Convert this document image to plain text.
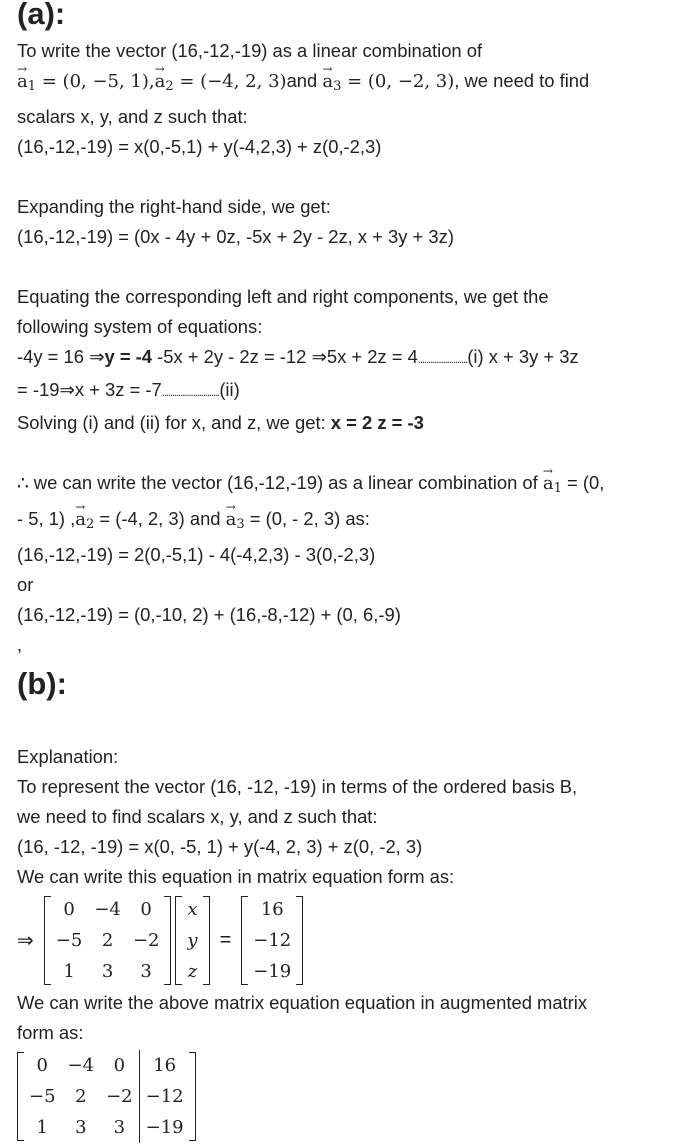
(a):

To write the vector (16,-12,-19) as a linear combination of

→ $a_1 = (0$, −5, $1),\to a_2 = (-4$, 2, $3)and \to a_3 = (0$, −2, 3), we need to find

scalars x, y, and z such that:

(16,-12,-19) = x(0,-5,1) + y(-4,2,3) + z(0,-2,3)

Expanding the right-hand side, we get:

(16,-12,-19) = (0x - 4y + 0z, -5x + 2y - 2z, x + 3y + 3z)

Equating the corresponding left and right components, we get the

following system of equations:

-4y = 16 ⇒y = -4 -5x + 2y - 2z = -12 ⇒5x + 2z = 4........................(i) x + 3y + 3z

= -19⇒x + 3z = -7............................(ii)

Solving (i) and (ii) for x, and z, we get: x = 2 z = -3

∴ we can write the vector (16,-12,-19) as a linear combination of → $a_1 = (0$,

- 5, 1) ,→ $a_2 = (-4$, 2, 3) and → $a_3 = (0$, - 2, 3) as:

(16,-12,-19) = 2(0,-5,1) - 4(-4,2,3) - 3(0,-2,3)

or

(16,-12,-19) = (0,-10, 2) + (16,-8,-12) + (0, 6,-9)

,

(b):

Explanation:

To represent the vector (16, -12, -19) in terms of the ordered basis B,

we need to find scalars x, y, and z such that:

(16, -12, -19) = x(0, -5, 1) + y(-4, 2, 3) + z(0, -2, 3)

We can write this equation in matrix equation form as:

⇒
0	−4	0
−5	2	−2
1	3	3
x
y
z
=
16
−12
−19

We can write the above matrix equation equation in augmented matrix

form as:

0	−4	0	16
−5	2	−2	−12
1	3	3	−19
